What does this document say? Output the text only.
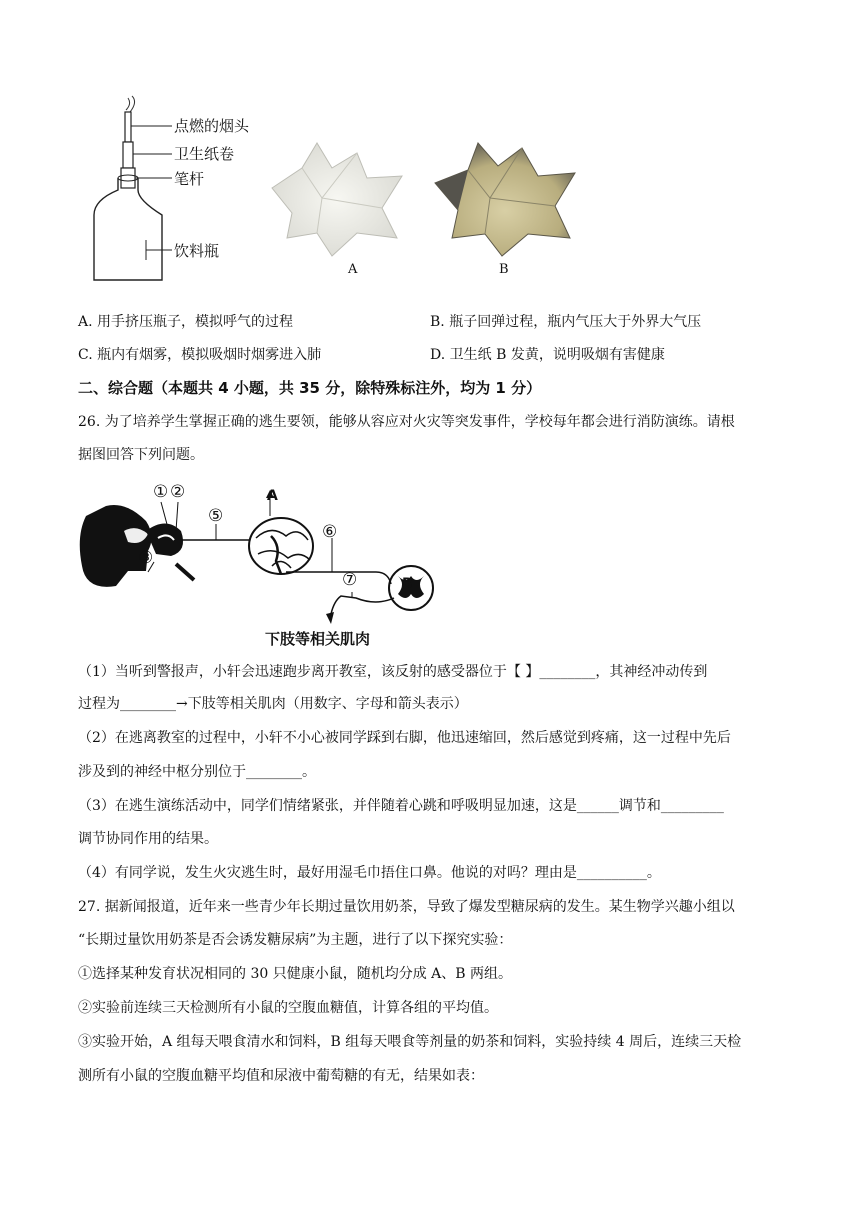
点燃的烟头
卫生纸卷
笔杆
饮料瓶
A	B
A. 用手挤压瓶子，模拟呼气的过程	B. 瓶子回弹过程，瓶内气压大于外界大气压
C. 瓶内有烟雾，模拟吸烟时烟雾进入肺	D. 卫生纸 B 发黄，说明吸烟有害健康
二、综合题（本题共 4 小题，共 35 分，除特殊标注外，均为 1 分）
26. 为了培养学生掌握正确的逃生要领，能够从容应对火灾等突发事件，学校每年都会进行消防演练。请根
据图回答下列问题。
① ②
③
⑤
⑥
⑦
A
B
下肢等相关肌肉
（1）当听到警报声，小轩会迅速跑步离开教室，该反射的感受器位于【 】________，其神经冲动传到
过程为________→下肢等相关肌肉（用数字、字母和箭头表示）
（2）在逃离教室的过程中，小轩不小心被同学踩到右脚，他迅速缩回，然后感觉到疼痛，这一过程中先后
涉及到的神经中枢分别位于________。
（3）在逃生演练活动中，同学们情绪紧张，并伴随着心跳和呼吸明显加速，这是______调节和_________
调节协同作用的结果。
（4）有同学说，发生火灾逃生时，最好用湿毛巾捂住口鼻。他说的对吗？理由是__________。
27. 据新闻报道，近年来一些青少年长期过量饮用奶茶，导致了爆发型糖尿病的发生。某生物学兴趣小组以
“长期过量饮用奶茶是否会诱发糖尿病”为主题，进行了以下探究实验：
①选择某种发育状况相同的 30 只健康小鼠，随机均分成 A、B 两组。
②实验前连续三天检测所有小鼠的空腹血糖值，计算各组的平均值。
③实验开始，A 组每天喂食清水和饲料，B 组每天喂食等剂量的奶茶和饲料，实验持续 4 周后，连续三天检
测所有小鼠的空腹血糖平均值和尿液中葡萄糖的有无，结果如表：
